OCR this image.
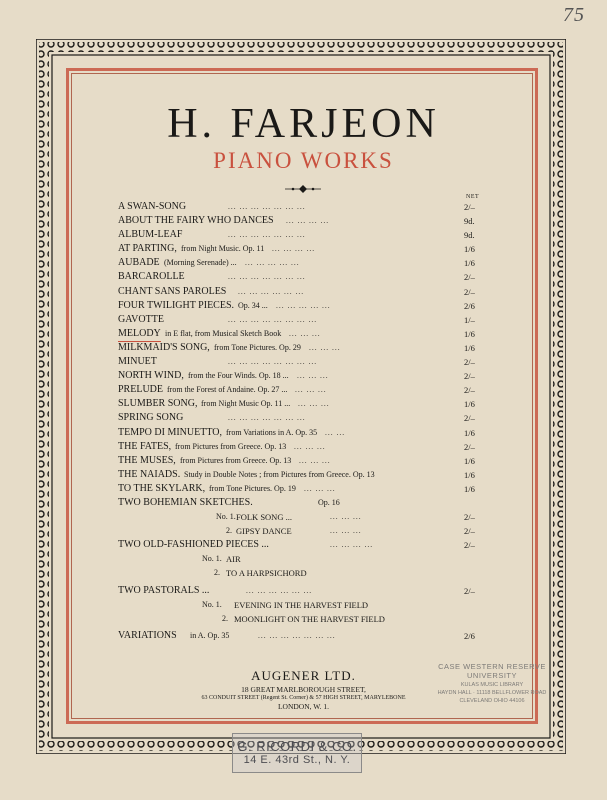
75
H. FARJEON
PIANO WORKS
NET
A SWAN-SONG	... ... ... ... ... ... ...	2/–
ABOUT THE FAIRY WHO DANCES ... ... ... ...	9d.
ALBUM-LEAF	... ... ... ... ... ... ...	9d.
AT PARTING, from Night Music. Op. 11 ... ... ... ...	1/6
AUBADE (Morning Serenade) ... ... ... ... ... ...	1/6
BARCAROLLE	... ... ... ... ... ... ...	2/–
CHANT SANS PAROLES ... ... ... ... ... ...	2/–
FOUR TWILIGHT PIECES. Op. 34 ... ... ... ... ... ...	2/6
GAVOTTE	... ... ... ... ... ... ... ...	1/–
MELODY in E flat, from Musical Sketch Book ... ... ...	1/6
MILKMAID'S SONG, from Tone Pictures. Op. 29 ... ... ...	1/6
MINUET	... ... ... ... ... ... ... ...	2/–
NORTH WIND, from the Four Winds. Op. 18 ... ... ... ...	2/–
PRELUDE from the Forest of Andaine. Op. 27 ... ... ... ...	2/–
SLUMBER SONG, from Night Music Op. 11 ... ... ... ...	1/6
SPRING SONG	... ... ... ... ... ... ...	2/–
TEMPO DI MINUETTO, from Variations in A. Op. 35 ... ...	1/6
THE FATES, from Pictures from Greece. Op. 13 ... ... ...	2/–
THE MUSES, from Pictures from Greece. Op. 13 ... ... ...	1/6
THE NAIADS. Study in Double Notes ; from Pictures from Greece. Op. 13	1/6
TO THE SKYLARK, from Tone Pictures. Op. 19 ... ... ...	1/6
TWO BOHEMIAN SKETCHES.	Op. 16
No. 1. FOLK SONG ...	... ... ...	2/–
2. GIPSY DANCE	... ... ...	2/–
TWO OLD-FASHIONED PIECES ...	... ... ... ...	2/–
No. 1. AIR
2. TO A HARPSICHORD
TWO PASTORALS ...	... ... ... ... ... ...	2/–
No. 1. EVENING IN THE HARVEST FIELD
2. MOONLIGHT ON THE HARVEST FIELD
VARIATIONS in A. Op. 35	... ... ... ... ... ... ...	2/6
AUGENER LTD.
18 GREAT MARLBOROUGH STREET,
63 CONDUIT STREET (Regent St. Corner) & 57 HIGH STREET, MARYLEBONE
LONDON, W. 1.
CASE WESTERN RESERVE UNIVERSITY
KULAS MUSIC LIBRARY
HAYDN HALL · 11118 BELLFLOWER ROAD
CLEVELAND OHIO 44106
G. RICORDI & CO.
14 E. 43rd St., N. Y.
